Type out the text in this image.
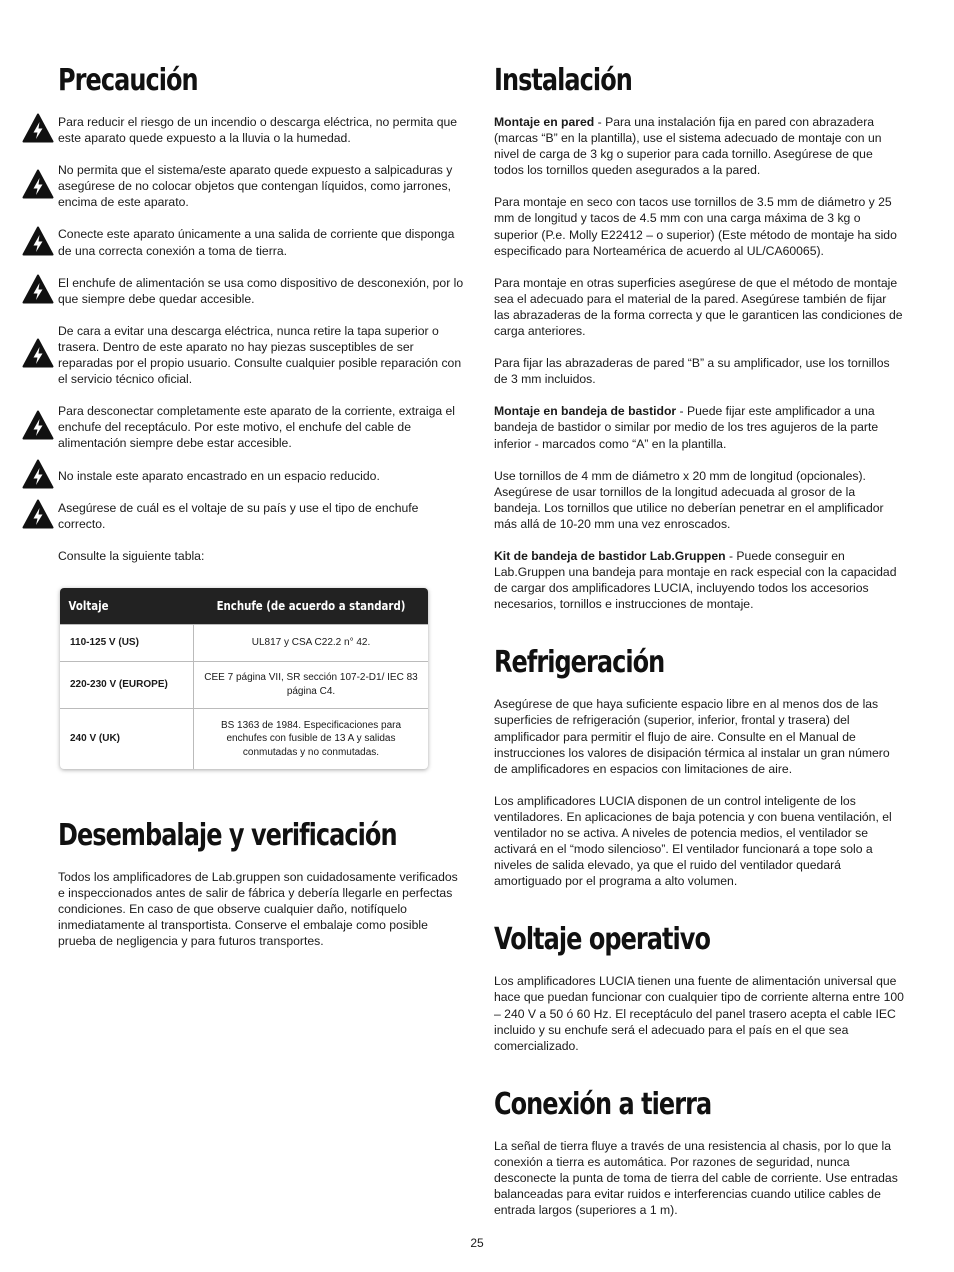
Precaución

Para reducir el riesgo de un incendio o descarga eléctrica, no permita que este aparato quede expuesto a la lluvia o la humedad.

No permita que el sistema/este aparato quede expuesto a salpicaduras y asegúrese de no colocar objetos que contengan líquidos, como jarrones, encima de este aparato.

Conecte este aparato únicamente a una salida de corriente que disponga de una correcta conexión a toma de tierra.

El enchufe de alimentación se usa como dispositivo de desconexión, por lo que siempre debe quedar accesible.

De cara a evitar una descarga eléctrica, nunca retire la tapa superior o trasera. Dentro de este aparato no hay piezas susceptibles de ser reparadas por el propio usuario. Consulte cualquier posible reparación con el servicio técnico oficial.

Para desconectar completamente este aparato de la corriente, extraiga el enchufe del receptáculo. Por este motivo, el enchufe del cable de alimentación siempre debe estar accesible.

No instale este aparato encastrado en un espacio reducido.

Asegúrese de cuál es el voltaje de su país y use el tipo de enchufe correcto.

Consulte la siguiente tabla:

Voltaje	Enchufe (de acuerdo a standard)
110-125 V (US)	UL817 y CSA C22.2 n° 42.
220-230 V (EUROPE)
CEE 7 página VII, SR sección 107-2-D1/ IEC 83 página C4.
240 V (UK)
BS 1363 de 1984. Especificaciones para enchufes con fusible de 13 A y salidas conmutadas y no conmutadas.
Desembalaje y verificación

Todos los amplificadores de Lab.gruppen son cuidadosamente verificados e inspeccionados antes de salir de fábrica y debería llegarle en perfectas condiciones. En caso de que observe cualquier daño, notifíquelo inmediatamente al transportista. Conserve el embalaje como posible prueba de negligencia y para futuros transportes.

Instalación

Montaje en pared - Para una instalación fija en pared con abrazadera (marcas “B” en la plantilla), use el sistema adecuado de montaje con un nivel de carga de 3 kg o superior para cada tornillo. Asegúrese de que todos los tornillos queden asegurados a la pared.

Para montaje en seco con tacos use tornillos de 3.5 mm de diámetro y 25 mm de longitud y tacos de 4.5 mm con una carga máxima de 3 kg o superior (P.e. Molly E22412 – o superior) (Este método de montaje ha sido especificado para Norteamérica de acuerdo al UL/CA60065).

Para montaje en otras superficies asegúrese de que el método de montaje sea el adecuado para el material de la pared. Asegúrese también de fijar las abrazaderas de la forma correcta y que le garanticen las condiciones de carga anteriores.

Para fijar las abrazaderas de pared “B” a su amplificador, use los tornillos de 3 mm incluidos.

Montaje en bandeja de bastidor - Puede fijar este amplificador a una bandeja de bastidor o similar por medio de los tres agujeros de la parte inferior - marcados como “A” en la plantilla.

Use tornillos de 4 mm de diámetro x 20 mm de longitud (opcionales). Asegúrese de usar tornillos de la longitud adecuada al grosor de la bandeja. Los tornillos que utilice no deberían penetrar en el amplificador más allá de 10-20 mm una vez enroscados.

Kit de bandeja de bastidor Lab.Gruppen - Puede conseguir en Lab.Gruppen una bandeja para montaje en rack especial con la capacidad de cargar dos amplificadores LUCIA, incluyendo todos los accesorios necesarios, tornillos e instrucciones de montaje.

Refrigeración

Asegúrese de que haya suficiente espacio libre en al menos dos de las superficies de refrigeración (superior, inferior, frontal y trasera) del amplificador para permitir el flujo de aire. Consulte en el Manual de instrucciones los valores de disipación térmica al instalar un gran número de amplificadores en espacios con limitaciones de aire.

Los amplificadores LUCIA disponen de un control inteligente de los ventiladores. En aplicaciones de baja potencia y con buena ventilación, el ventilador no se activa. A niveles de potencia medios, el ventilador se activará en el “modo silencioso”. El ventilador funcionará a tope solo a niveles de salida elevado, ya que el ruido del ventilador quedará amortiguado por el programa a alto volumen.

Voltaje operativo

Los amplificadores LUCIA tienen una fuente de alimentación universal que hace que puedan funcionar con cualquier tipo de corriente alterna entre 100 – 240 V a 50 ó 60 Hz. El receptáculo del panel trasero acepta el cable IEC incluido y su enchufe será el adecuado para el país en el que sea comercializado.

Conexión a tierra

La señal de tierra fluye a través de una resistencia al chasis, por lo que la conexión a tierra es automática. Por razones de seguridad, nunca desconecte la punta de toma de tierra del cable de corriente. Use entradas balanceadas para evitar ruidos e interferencias cuando utilice cables de entrada largos (superiores a 1 m).

25
